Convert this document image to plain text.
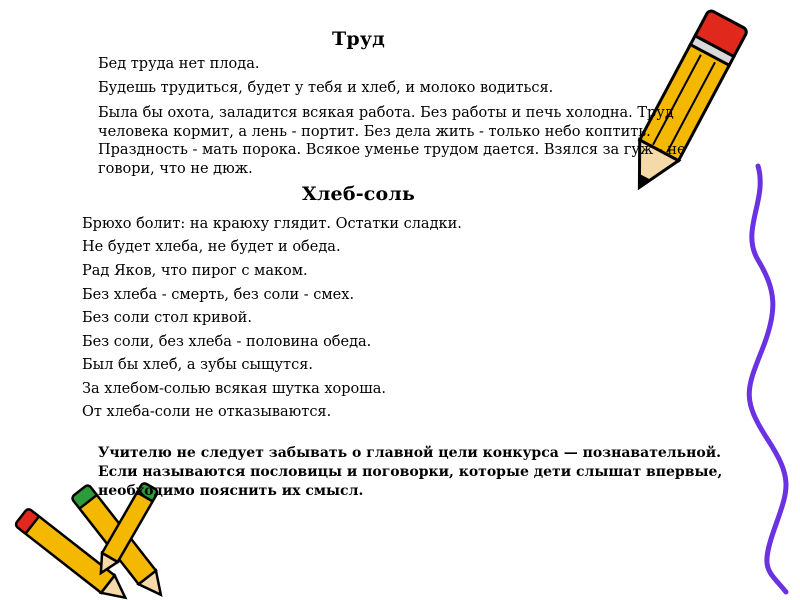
Труд

Бед труда нет плода.

Будешь трудиться, будет у тебя и хлеб, и молоко водиться.

Была бы охота, заладится всякая работа. Без работы и печь холодна. Труд человека кормит, а лень - портит. Без дела жить - только небо коптить. Праздность - мать порока. Всякое уменье трудом дается. Взялся за гуж - не говори, что не дюж.

Хлеб-соль

Брюхо болит: на краюху глядит. Остатки сладки.

Не будет хлеба, не будет и обеда.

Рад Яков, что пирог с маком.

Без хлеба - смерть, без соли - смех.

Без соли стол кривой.

Без соли, без хлеба - половина обеда.

Был бы хлеб, а зубы сыщутся.

За хлебом-солью всякая шутка хороша.

От хлеба-соли не отказываются.

Учителю не следует забывать о главной цели конкурса — познавательной. Если называются пословицы и поговорки, которые дети слышат впервые, необходимо пояснить их смысл.
